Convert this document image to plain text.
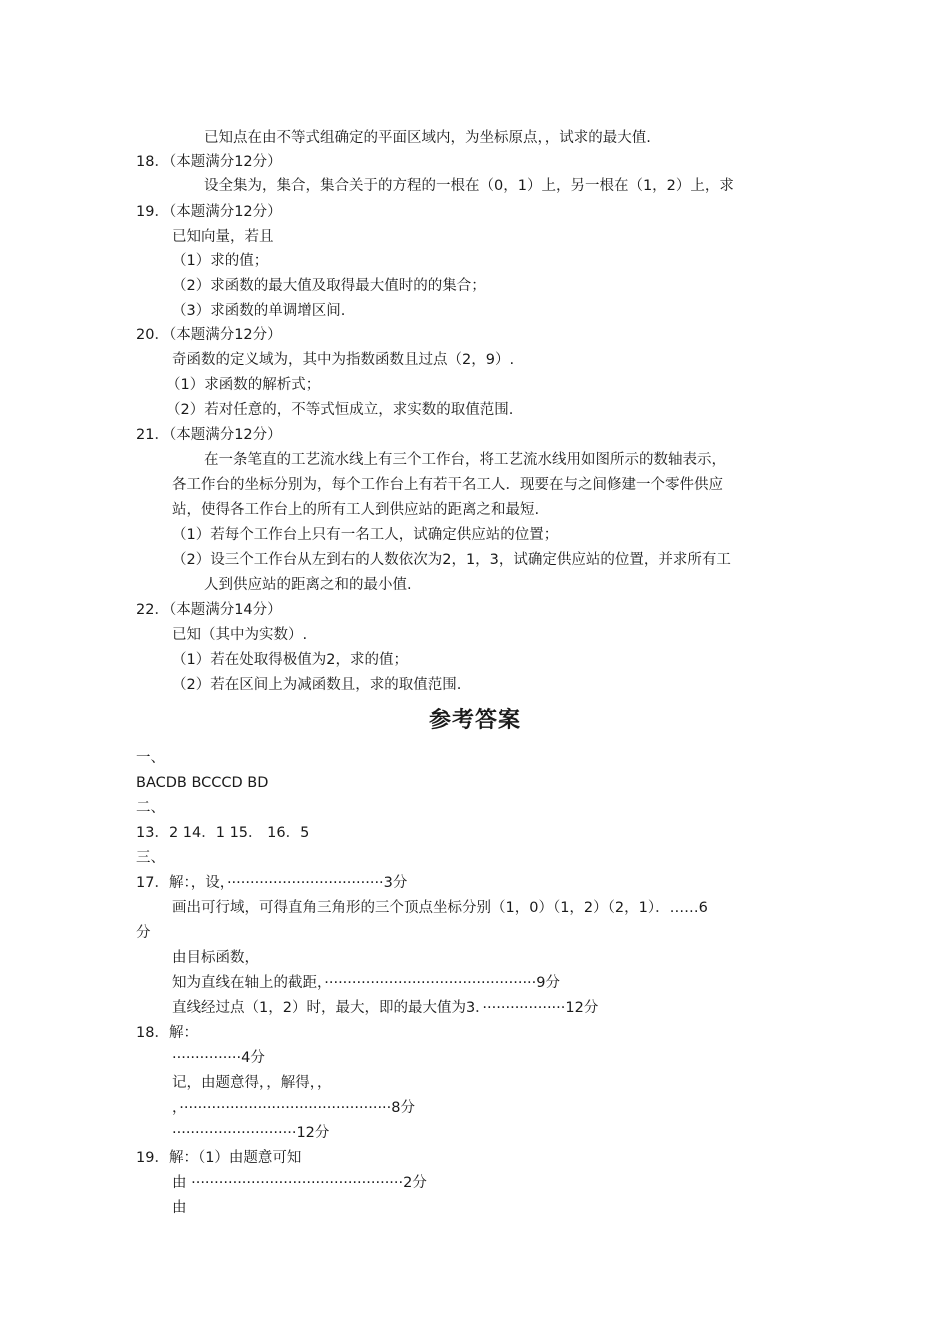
已知点在由不等式组确定的平面区域内，为坐标原点，，试求的最大值.
18．（本题满分12分）
设全集为，集合，集合关于的方程的一根在（0，1）上，另一根在（1，2）上，求
19．（本题满分12分）
已知向量，若且
（1）求的值；
（2）求函数的最大值及取得最大值时的的集合；
（3）求函数的单调增区间.
20．（本题满分12分）
奇函数的定义域为，其中为指数函数且过点（2，9）.
（1）求函数的解析式；
（2）若对任意的，不等式恒成立，求实数的取值范围.
21．（本题满分12分）
在一条笔直的工艺流水线上有三个工作台，将工艺流水线用如图所示的数轴表示，
各工作台的坐标分别为，每个工作台上有若干名工人．现要在与之间修建一个零件供应
站，使得各工作台上的所有工人到供应站的距离之和最短.
（1）若每个工作台上只有一名工人，试确定供应站的位置；
（2）设三个工作台从左到右的人数依次为2，1，3，试确定供应站的位置，并求所有工
人到供应站的距离之和的最小值.
22．（本题满分14分）
已知（其中为实数）.
（1）若在处取得极值为2，求的值；
（2）若在区间上为减函数且，求的取值范围.
参考答案
一、
BACDB BCCCD BD
二、
13．2 14．1 15． 16．5
三、
17．解：，设，··································3分
画出可行域，可得直角三角形的三个顶点坐标分别（1，0）（1，2）（2，1）．……6
分
由目标函数，
知为直线在轴上的截距，··············································9分
直线经过点（1，2）时，最大，即的最大值为3．··················12分
18．解：
···············4分
记，由题意得，，解得，，
，··············································8分
···························12分
19．解：（1）由题意可知
由 ··············································2分
由
